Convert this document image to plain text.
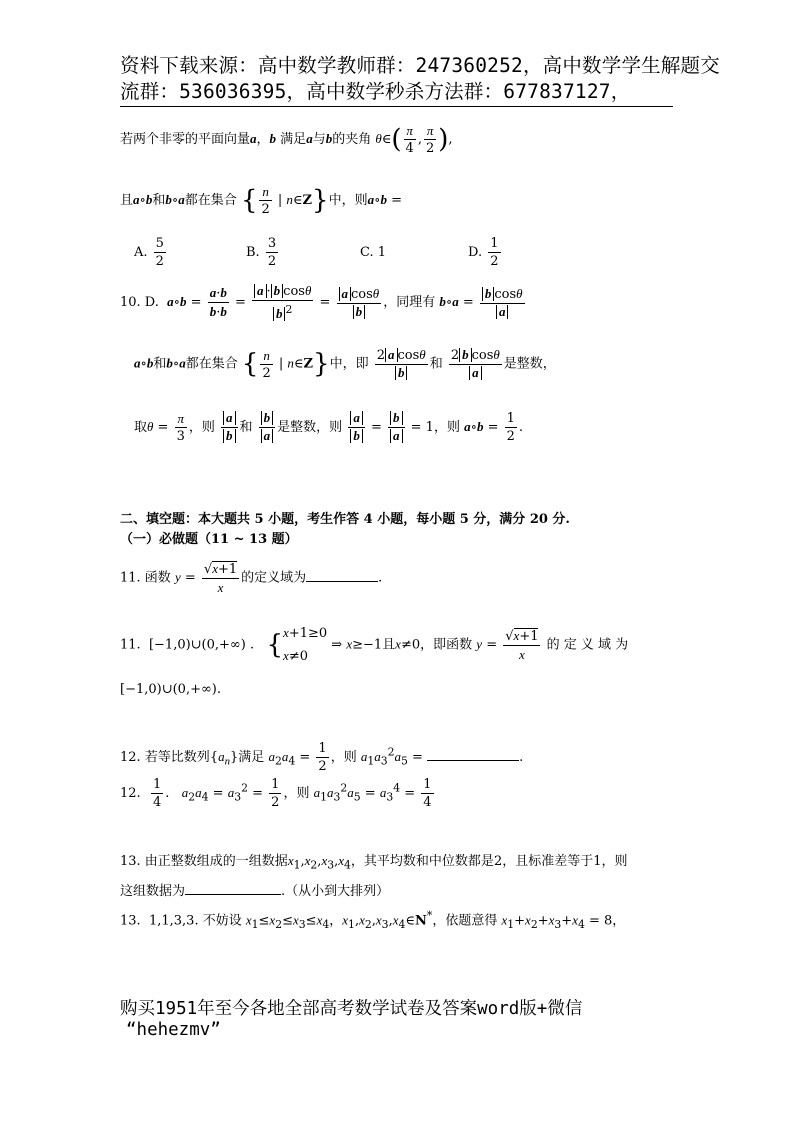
资料下载来源：高中数学教师群：247360252，高中数学学生解题交
流群：536036395，高中数学秒杀方法群：677837127，
若两个非零的平面向量a，b 满足a与b的夹角 θ∈( $\frac{\pi}{4}$ , $\frac{\pi}{2}$ ),
且a∘b和b∘a都在集合 { $\frac{n}{2}$ | n∈Z}中，则a∘b =
A. $\frac{5}{2}$	B. $\frac{3}{2}$	C. 1	D. $\frac{1}{2}$
10. D. a∘b = $\frac{a\cdot b}{b\cdot b} = \frac{\text{a · b cosθ}}{b ^2} = \frac{\text{a cosθ}}{b}$ ，同理有 b∘a = $\frac{\text{b cosθ}}{a}$
a∘b和b∘a都在集合 { $\frac{n}{2}$ | n∈Z}中，即 $\frac{\text{2 a cosθ}}{b}$ 和 $\frac{\text{2 b cosθ}}{a}$ 是整数，
取$\theta = \frac{\pi}{3}$ ，则 $\frac{a}{b}$ 和 $\frac{b}{a}$ 是整数，则 $\frac{a}{b} = \frac{b}{a} = 1$，则 a∘b = $\frac{1}{2}$ .
二、填空题：本大题共 5 小题，考生作答 4 小题，每小题 5 分，满分 20 分.
（一）必做题（11 ~ 13 题）
11. 函数 $y = \frac{√x+1}{x}$ 的定义域为	.
11.  [−1,0)∪(0,+∞) .   {x+1≥0
x≠0 ⇒ x≥−1且x≠0，即函数 $y = \frac{√x+1}{x}$ 的 定 义 域 为
[−1,0)∪(0,+∞).
12. 若等比数列$\{a_n\}$满足 $a_2a_4 = \frac{1}{2}$ ，则 $a_1a_3^2a_5$ =	.
12. $\frac{1}{4}$ .   $a_2a_4 = a_3^2 = \frac{1}{2}$ ，则 $a_1a_3^2a_5 = a_3^4 = \frac{1}{4}$
13. 由正整数组成的一组数据$x_1,x_2,x_3,x_4$，其平均数和中位数都是2，且标准差等于1，则
这组数据为	.（从小到大排列）
13. 1,1,3,3. 不妨设 $x_1\le x_2\le x_3\le x_4$，$x_1,x_2,x_3,x_4\in N^*$，依题意得 $x_1+x_2+x_3+x_4 = 8$，
购买1951年至今各地全部高考数学试卷及答案word版+微信
“hehezmv”
